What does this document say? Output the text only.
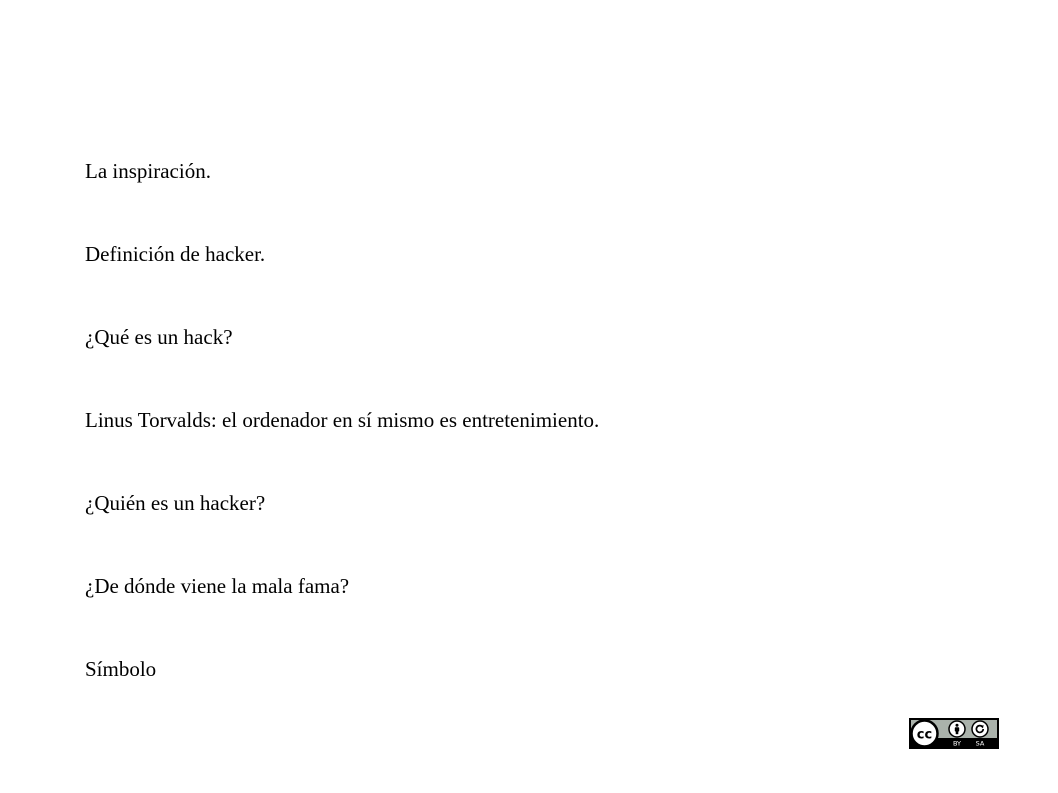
La inspiración.
Definición de hacker.
¿Qué es un hack?
Linus Torvalds: el ordenador en sí mismo es entretenimiento.
¿Quién es un hacker?
¿De dónde viene la mala fama?
Símbolo
cc
BY SA
